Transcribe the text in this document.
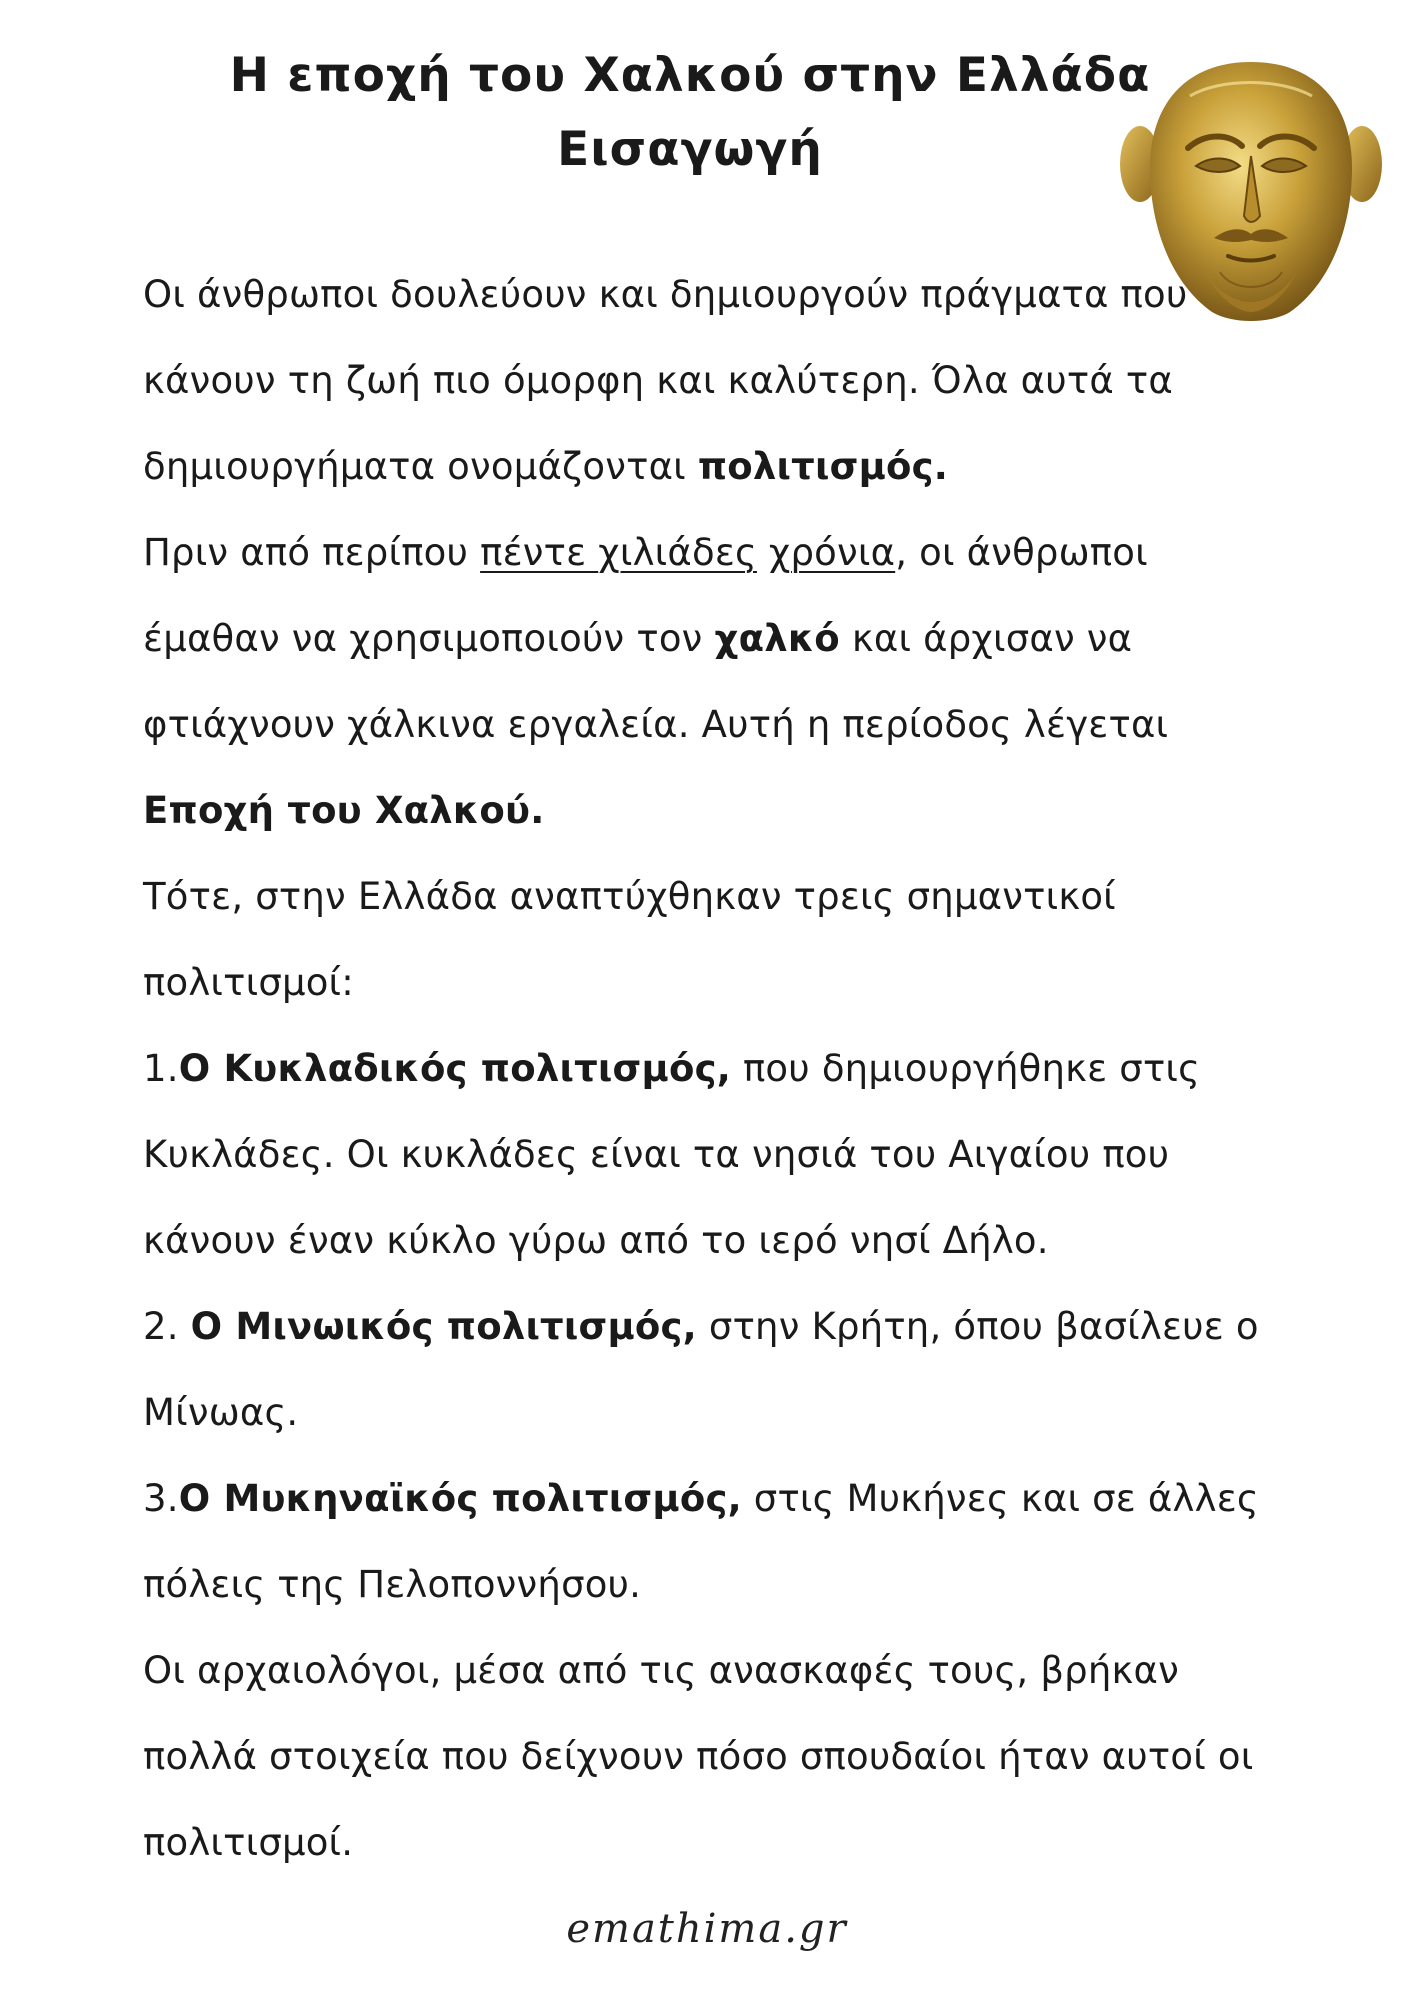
Η εποχή του Χαλκού στην Ελλάδα
Εισαγωγή
Οι άνθρωποι δουλεύουν και δημιουργούν πράγματα που
κάνουν τη ζωή πιο όμορφη και καλύτερη. Όλα αυτά τα
δημιουργήματα ονομάζονται πολιτισμός.
Πριν από περίπου πέντε χιλιάδες χρόνια, οι άνθρωποι
έμαθαν να χρησιμοποιούν τον χαλκό και άρχισαν να
φτιάχνουν χάλκινα εργαλεία. Αυτή η περίοδος λέγεται
Εποχή του Χαλκού.
Τότε, στην Ελλάδα αναπτύχθηκαν τρεις σημαντικοί
πολιτισμοί:
1.Ο Κυκλαδικός πολιτισμός, που δημιουργήθηκε στις
Κυκλάδες. Οι κυκλάδες είναι τα νησιά του Αιγαίου που
κάνουν έναν κύκλο γύρω από το ιερό νησί Δήλο.
2. Ο Μινωικός πολιτισμός, στην Κρήτη, όπου βασίλευε ο
Μίνωας.
3.Ο Μυκηναϊκός πολιτισμός, στις Μυκήνες και σε άλλες
πόλεις της Πελοποννήσου.
Οι αρχαιολόγοι, μέσα από τις ανασκαφές τους, βρήκαν
πολλά στοιχεία που δείχνουν πόσο σπουδαίοι ήταν αυτοί οι
πολιτισμοί.
emathima.gr
